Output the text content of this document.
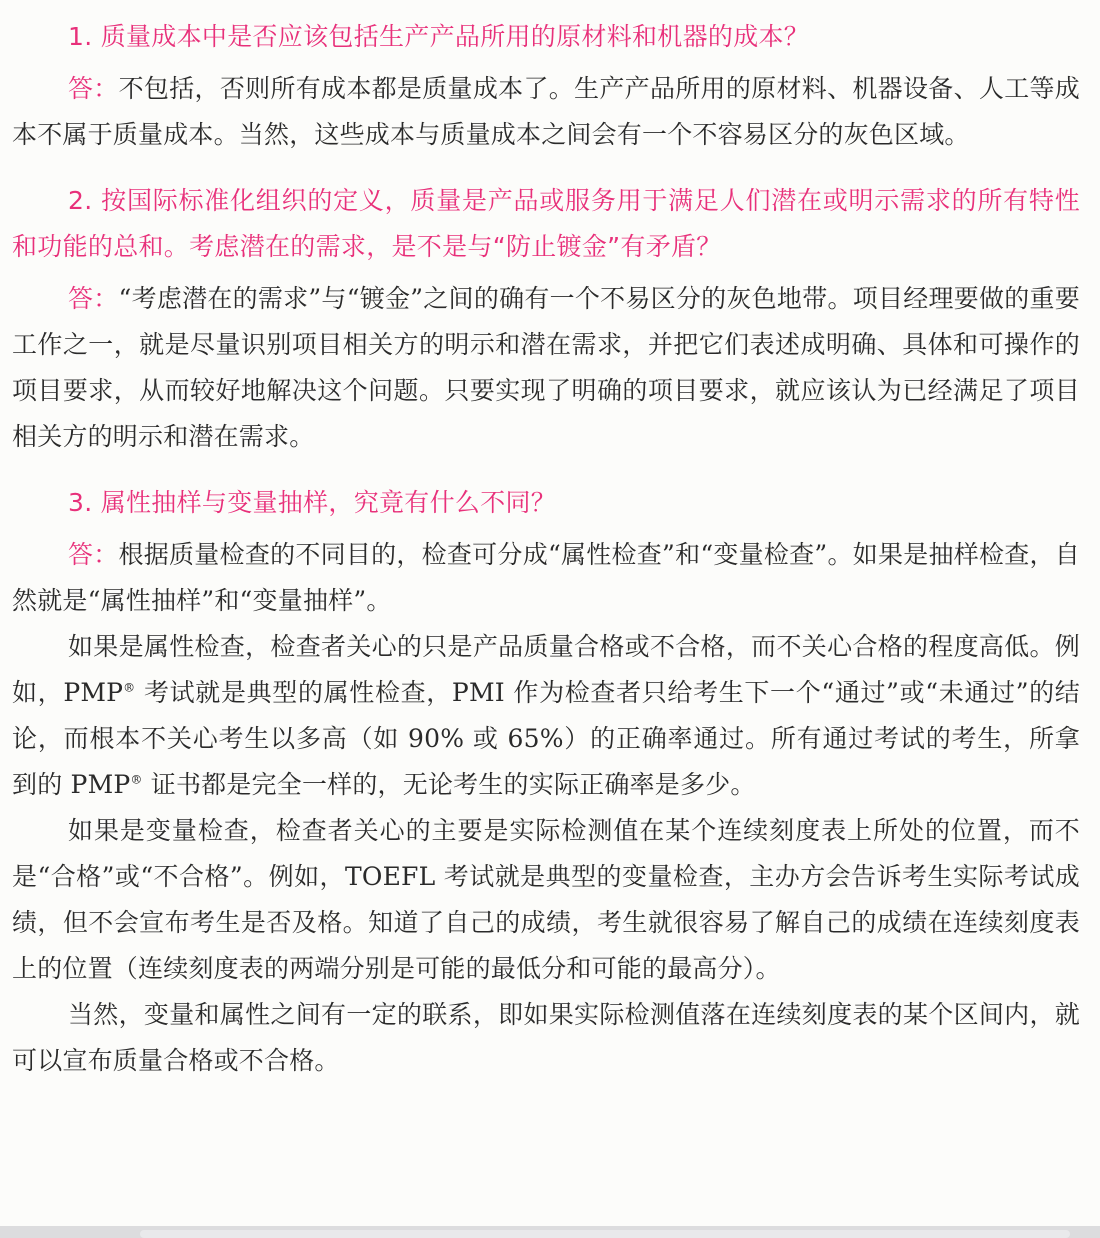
1. 质量成本中是否应该包括生产产品所用的原材料和机器的成本？

答：不包括，否则所有成本都是质量成本了。生产产品所用的原材料、机器设备、人工等成本不属于质量成本。当然，这些成本与质量成本之间会有一个不容易区分的灰色区域。

2. 按国际标准化组织的定义，质量是产品或服务用于满足人们潜在或明示需求的所有特性和功能的总和。考虑潜在的需求，是不是与“防止镀金”有矛盾？

答：“考虑潜在的需求”与“镀金”之间的确有一个不易区分的灰色地带。项目经理要做的重要工作之一，就是尽量识别项目相关方的明示和潜在需求，并把它们表述成明确、具体和可操作的项目要求，从而较好地解决这个问题。只要实现了明确的项目要求，就应该认为已经满足了项目相关方的明示和潜在需求。

3. 属性抽样与变量抽样，究竟有什么不同？

答：根据质量检查的不同目的，检查可分成“属性检查”和“变量检查”。如果是抽样检查，自然就是“属性抽样”和“变量抽样”。

如果是属性检查，检查者关心的只是产品质量合格或不合格，而不关心合格的程度高低。例如，PMP® 考试就是典型的属性检查，PMI 作为检查者只给考生下一个“通过”或“未通过”的结论，而根本不关心考生以多高（如 90% 或 65%）的正确率通过。所有通过考试的考生，所拿到的 PMP® 证书都是完全一样的，无论考生的实际正确率是多少。

如果是变量检查，检查者关心的主要是实际检测值在某个连续刻度表上所处的位置，而不是“合格”或“不合格”。例如，TOEFL 考试就是典型的变量检查，主办方会告诉考生实际考试成绩，但不会宣布考生是否及格。知道了自己的成绩，考生就很容易了解自己的成绩在连续刻度表上的位置（连续刻度表的两端分别是可能的最低分和可能的最高分）。

当然，变量和属性之间有一定的联系，即如果实际检测值落在连续刻度表的某个区间内，就可以宣布质量合格或不合格。
